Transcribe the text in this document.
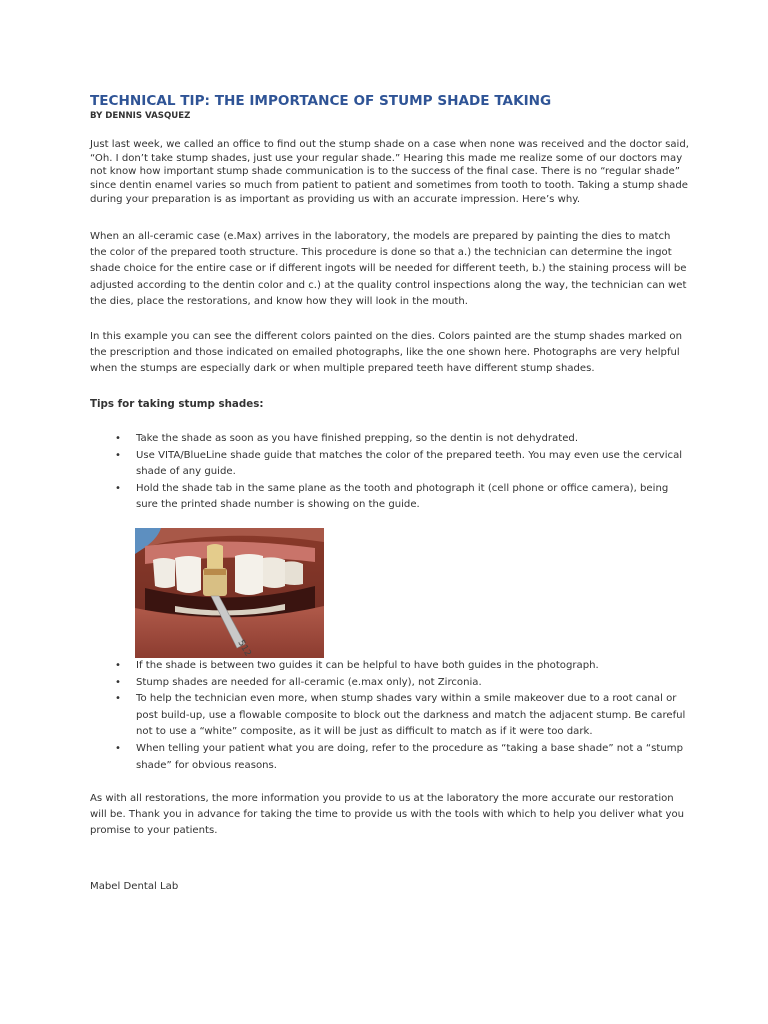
TECHNICAL TIP: THE IMPORTANCE OF STUMP SHADE TAKING

BY DENNIS VASQUEZ

Just last week, we called an office to find out the stump shade on a case when none was received and the doctor said, “Oh. I don’t take stump shades, just use your regular shade.” Hearing this made me realize some of our doctors may not know how important stump shade communication is to the success of the final case. There is no “regular shade” since dentin enamel varies so much from patient to patient and sometimes from tooth to tooth. Taking a stump shade during your preparation is as important as providing us with an accurate impression. Here’s why.

When an all-ceramic case (e.Max) arrives in the laboratory, the models are prepared by painting the dies to match the color of the prepared tooth structure. This procedure is done so that a.) the technician can determine the ingot shade choice for the entire case or if different ingots will be needed for different teeth, b.) the staining process will be adjusted according to the dentin color and c.) at the quality control inspections along the way, the technician can wet the dies, place the restorations, and know how they will look in the mouth.

In this example you can see the different colors painted on the dies. Colors painted are the stump shades marked on the prescription and those indicated on emailed photographs, like the one shown here. Photographs are very helpful when the stumps are especially dark or when multiple prepared teeth have different stump shades.

Tips for taking stump shades:

• Take the shade as soon as you have finished prepping, so the dentin is not dehydrated.
• Use VITA/BlueLine shade guide that matches the color of the prepared teeth. You may even use the cervical shade of any guide.
• Hold the shade tab in the same plane as the tooth and photograph it (cell phone or office camera), being sure the printed shade number is showing on the guide.
512
• If the shade is between two guides it can be helpful to have both guides in the photograph.
• Stump shades are needed for all-ceramic (e.max only), not Zirconia.
• To help the technician even more, when stump shades vary within a smile makeover due to a root canal or post build-up, use a flowable composite to block out the darkness and match the adjacent stump. Be careful not to use a “white” composite, as it will be just as difficult to match as if it were too dark.
• When telling your patient what you are doing, refer to the procedure as “taking a base shade” not a “stump shade” for obvious reasons.

As with all restorations, the more information you provide to us at the laboratory the more accurate our restoration will be. Thank you in advance for taking the time to provide us with the tools with which to help you deliver what you promise to your patients.

Mabel Dental Lab
